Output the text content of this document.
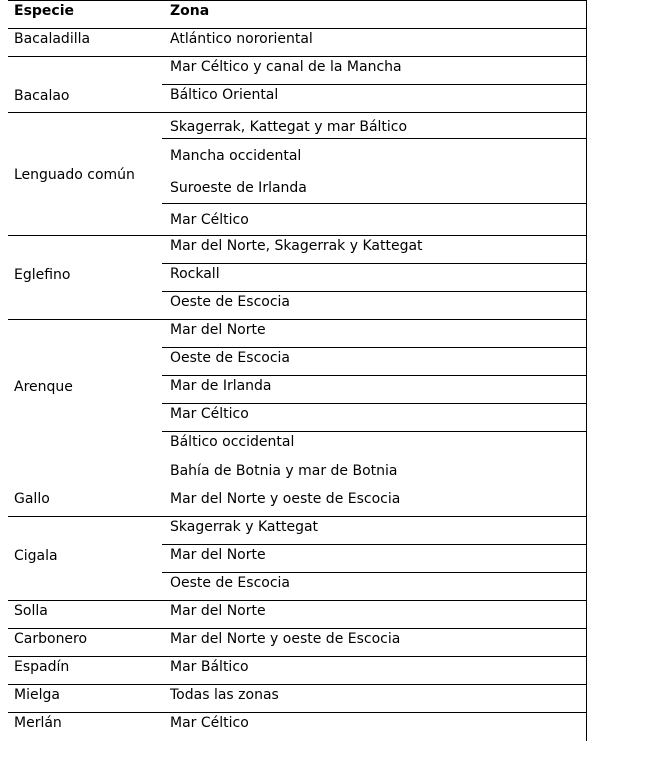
Especie	Zona
Bacaladilla
Bacalao
Lenguado común
Eglefino
Arenque
Gallo
Cigala
Solla
Carbonero
Espadín
Mielga
Merlán
Atlántico nororiental
Mar Céltico y canal de la Mancha
Báltico Oriental
Skagerrak, Kattegat y mar Báltico
Mancha occidental
Suroeste de Irlanda
Mar Céltico
Mar del Norte, Skagerrak y Kattegat
Rockall
Oeste de Escocia
Mar del Norte
Oeste de Escocia
Mar de Irlanda
Mar Céltico
Báltico occidental
Bahía de Botnia y mar de Botnia
Mar del Norte y oeste de Escocia
Skagerrak y Kattegat
Mar del Norte
Oeste de Escocia
Mar del Norte
Mar del Norte y oeste de Escocia
Mar Báltico
Todas las zonas
Mar Céltico
